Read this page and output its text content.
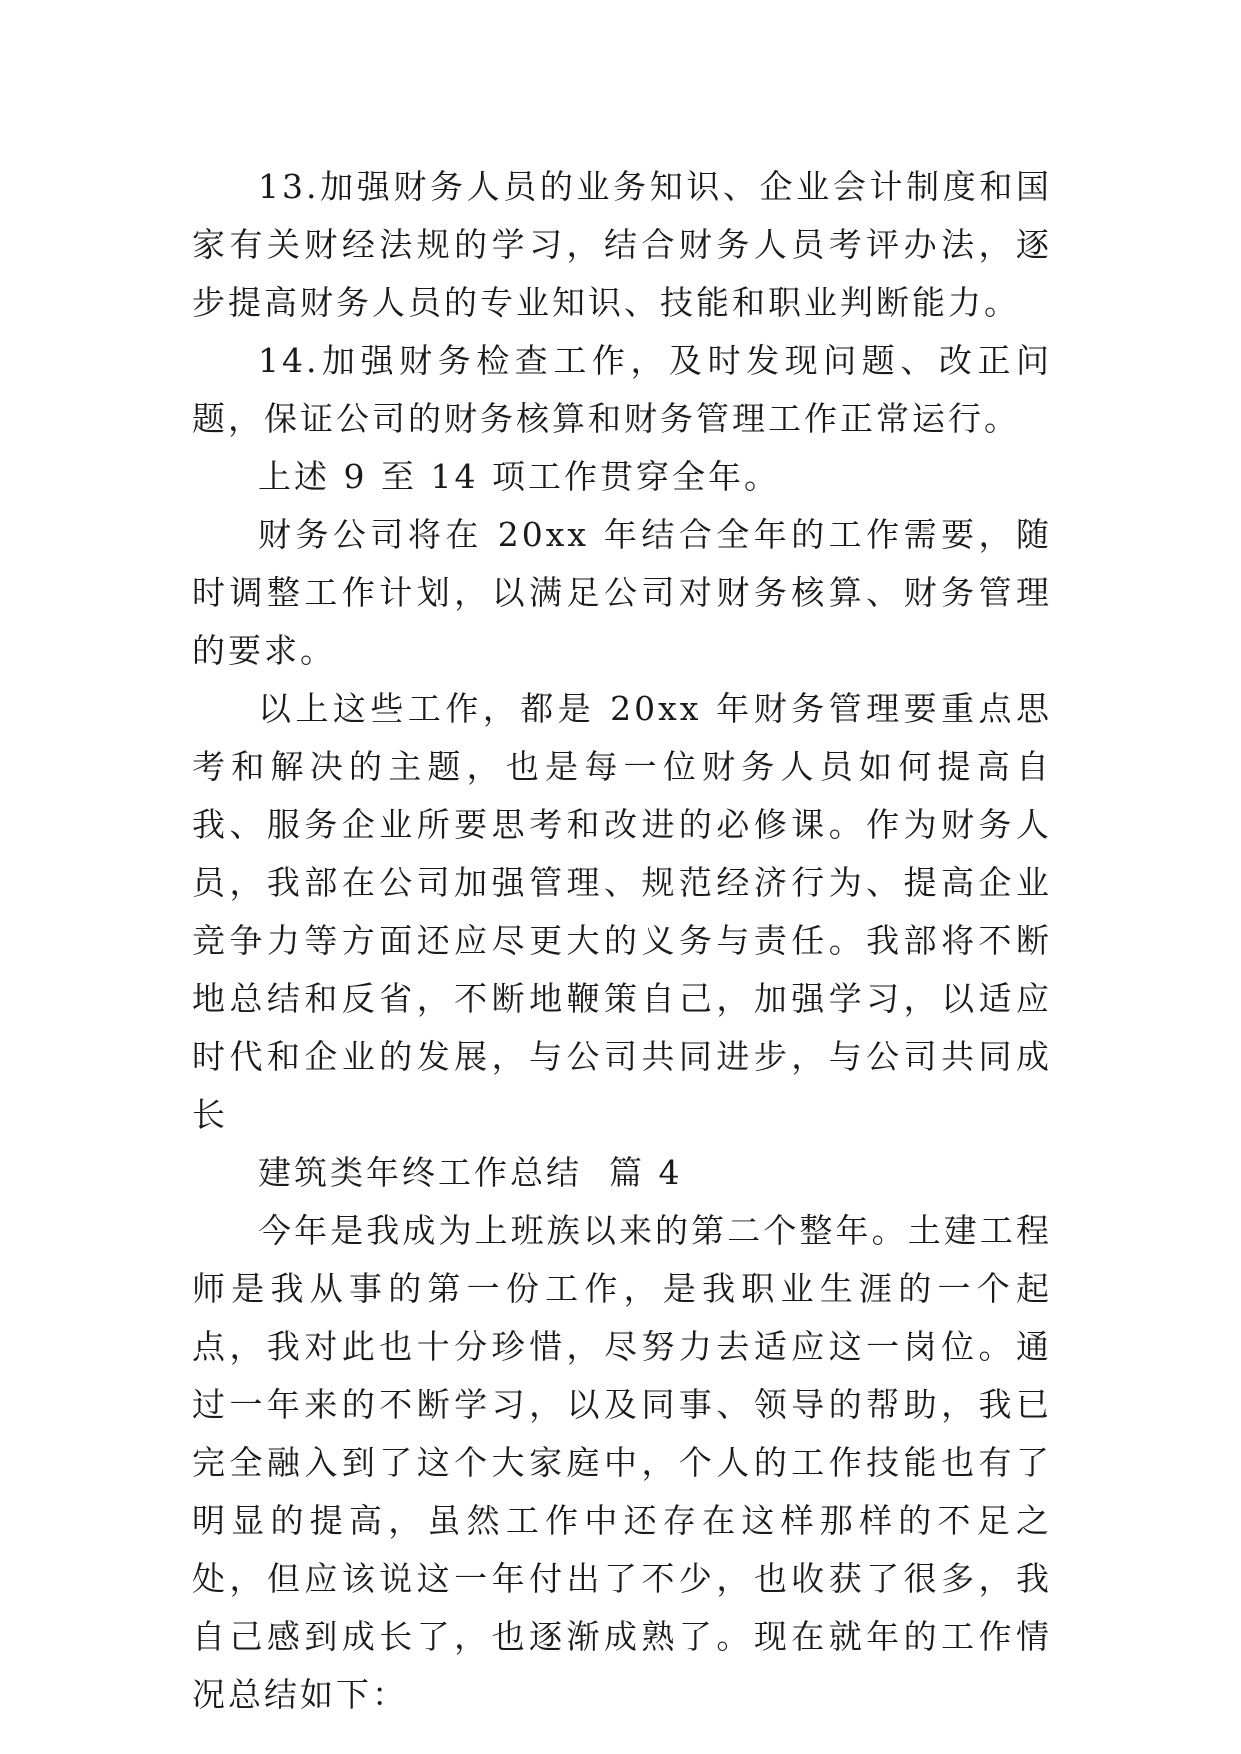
13.加强财务人员的业务知识、企业会计制度和国家有关财经法规的学习，结合财务人员考评办法，逐步提高财务人员的专业知识、技能和职业判断能力。

14.加强财务检查工作，及时发现问题、改正问题，保证公司的财务核算和财务管理工作正常运行。

上述 9 至 14 项工作贯穿全年。

财务公司将在 20xx 年结合全年的工作需要，随时调整工作计划，以满足公司对财务核算、财务管理的要求。

以上这些工作，都是 20xx 年财务管理要重点思考和解决的主题，也是每一位财务人员如何提高自我、服务企业所要思考和改进的必修课。作为财务人员，我部在公司加强管理、规范经济行为、提高企业竞争力等方面还应尽更大的义务与责任。我部将不断地总结和反省，不断地鞭策自己，加强学习，以适应时代和企业的发展，与公司共同进步，与公司共同成长

建筑类年终工作总结  篇 4

今年是我成为上班族以来的第二个整年。土建工程师是我从事的第一份工作，是我职业生涯的一个起点，我对此也十分珍惜，尽努力去适应这一岗位。通过一年来的不断学习，以及同事、领导的帮助，我已完全融入到了这个大家庭中，个人的工作技能也有了明显的提高，虽然工作中还存在这样那样的不足之处，但应该说这一年付出了不少，也收获了很多，我自己感到成长了，也逐渐成熟了。现在就年的工作情况总结如下：
